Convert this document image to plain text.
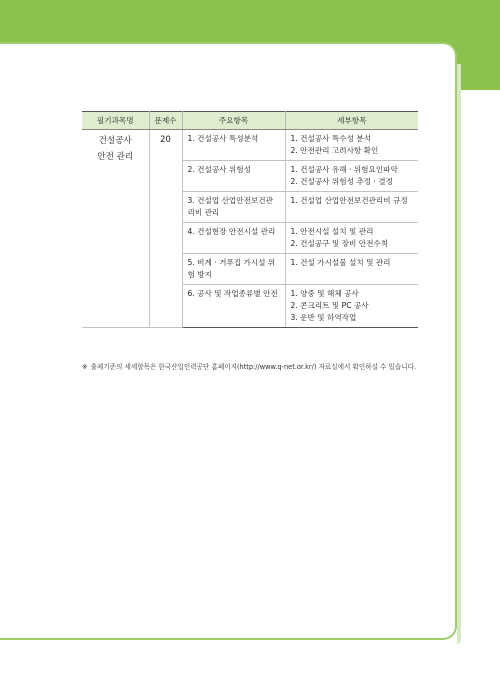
필기과목명	문제수	주요항목	세부항목

건설공사
안전 관리	20	1. 건설공사 특성분석	1. 건설공사 특수성 분석
2. 안전관리 고려사항 확인

		2. 건설공사 위험성	1. 건설공사 유해 · 위험요인파악
2. 건설공사 위험성 추정 · 결정

		3. 건설업 산업안전보건관리비 관리	1. 건설업 산업안전보건관리비 규정

		4. 건설현장 안전시설 관리	1. 안전시설 설치 및 관리
2. 건설공구 및 장비 안전수칙

		5. 비계 · 거푸집 가시설 위험 방지	1. 건설 가시설물 설치 및 관리

		6. 공사 및 작업종류별 안전	1. 양중 및 해체 공사
2. 콘크리트 및 PC 공사
3. 운반 및 하역작업
※ 출제기준의 세세항목은 한국산업인력공단 홈페이지(http://www.q-net.or.kr/) 자료실에서 확인하실 수 있습니다.
